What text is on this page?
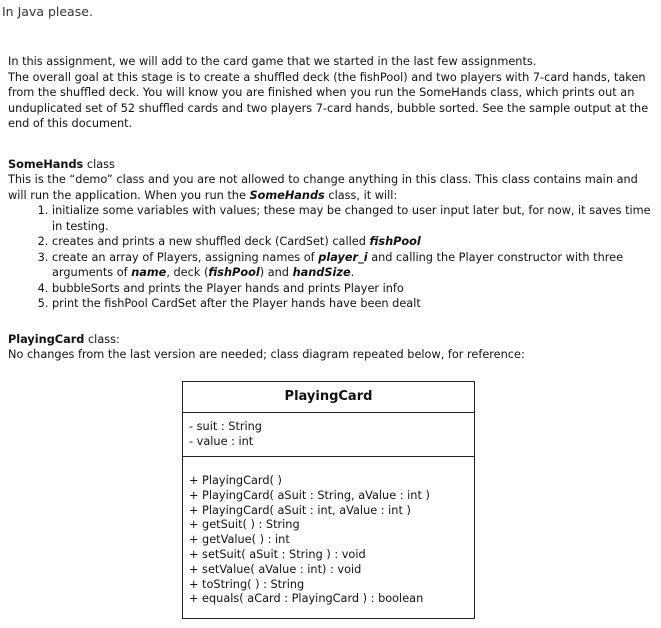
In Java please.

In this assignment, we will add to the card game that we started in the last few assignments.

The overall goal at this stage is to create a shuffled deck (the fishPool) and two players with 7-card hands, taken from the shuffled deck. You will know you are finished when you run the SomeHands class, which prints out an unduplicated set of 52 shuffled cards and two players 7-card hands, bubble sorted. See the sample output at the end of this document.

SomeHands class

This is the “demo” class and you are not allowed to change anything in this class. This class contains main and will run the application. When you run the SomeHands class, it will:

1. initialize some variables with values; these may be changed to user input later but, for now, it saves time in testing.
2. creates and prints a new shuffled deck (CardSet) called fishPool
3. create an array of Players, assigning names of player_i and calling the Player constructor with three arguments of name, deck (fishPool) and handSize.
4. bubbleSorts and prints the Player hands and prints Player info
5. print the fishPool CardSet after the Player hands have been dealt

PlayingCard class:

No changes from the last version are needed; class diagram repeated below, for reference:

PlayingCard
- suit : String
- value : int
+ PlayingCard( )
+ PlayingCard( aSuit : String, aValue : int )
+ PlayingCard( aSuit : int, aValue : int )
+ getSuit( ) : String
+ getValue( ) : int
+ setSuit( aSuit : String ) : void
+ setValue( aValue : int) : void
+ toString( ) : String
+ equals( aCard : PlayingCard ) : boolean
